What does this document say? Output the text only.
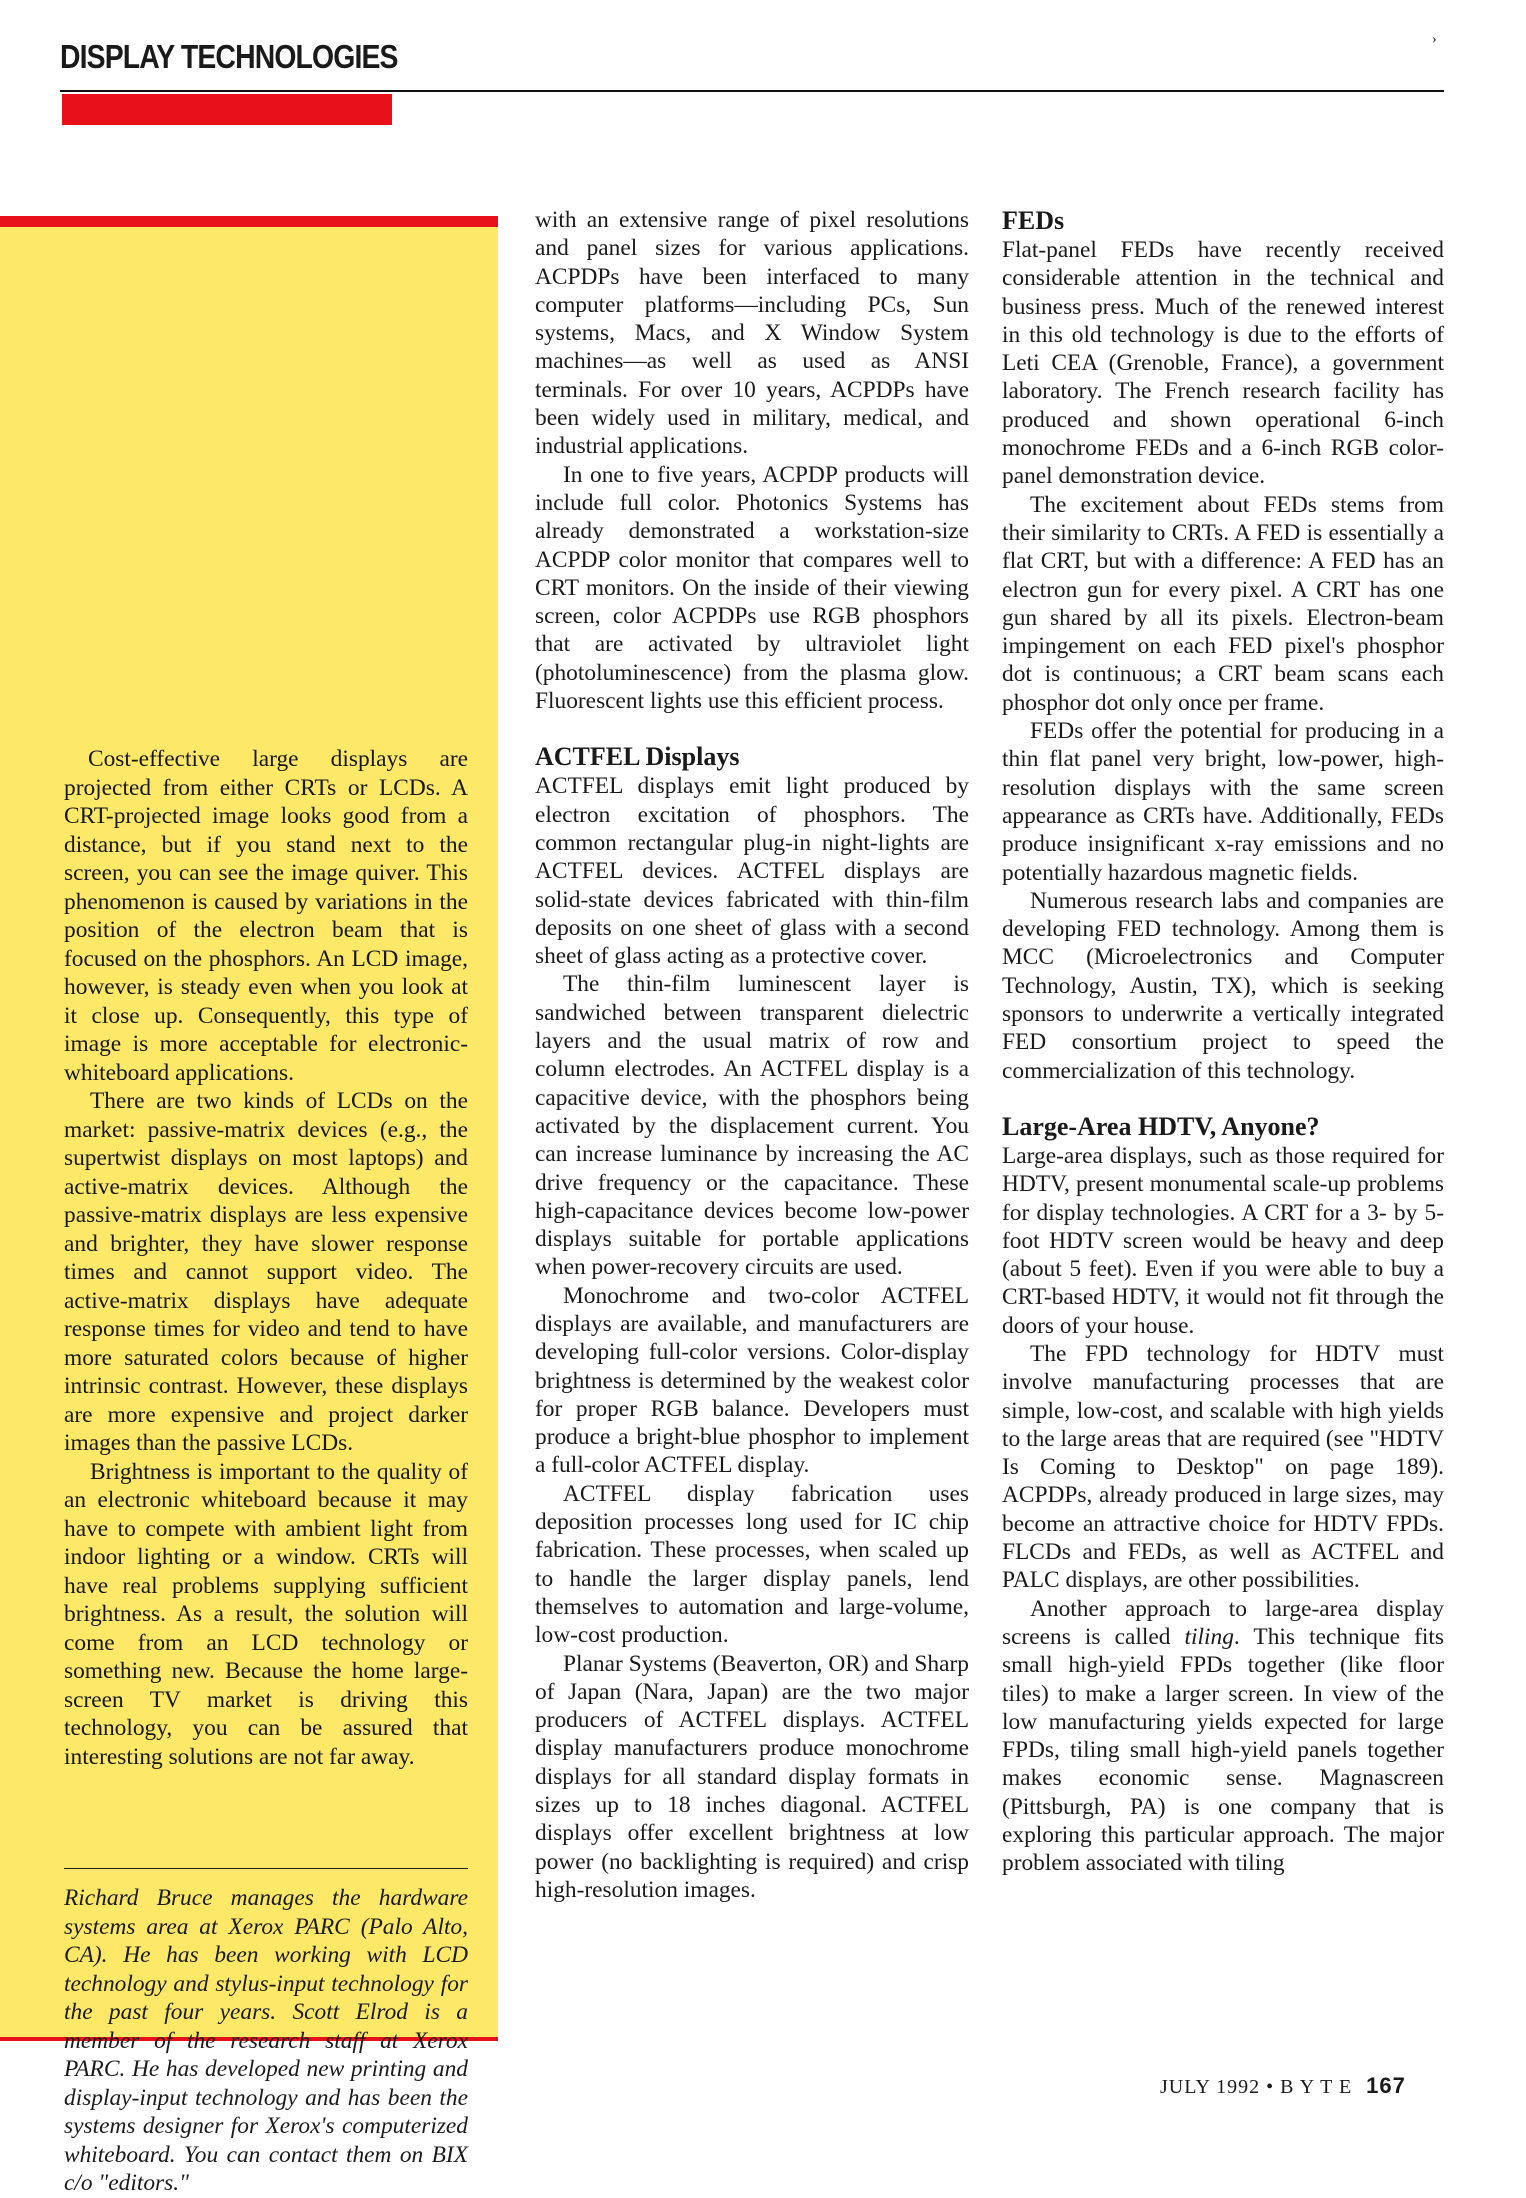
DISPLAY TECHNOLOGIES	›

Cost-effective large displays are projected from either CRTs or LCDs. A CRT-projected image looks good from a distance, but if you stand next to the screen, you can see the image quiver. This phenomenon is caused by variations in the position of the electron beam that is focused on the phosphors. An LCD image, however, is steady even when you look at it close up. Consequently, this type of image is more acceptable for electronic-whiteboard applications.

There are two kinds of LCDs on the market: passive-matrix devices (e.g., the supertwist displays on most laptops) and active-matrix devices. Although the passive-matrix displays are less expensive and brighter, they have slower response times and cannot support video. The active-matrix displays have adequate response times for video and tend to have more saturated colors because of higher intrinsic contrast. However, these displays are more expensive and project darker images than the passive LCDs.

Brightness is important to the quality of an electronic whiteboard because it may have to compete with ambient light from indoor lighting or a window. CRTs will have real problems supplying sufficient brightness. As a result, the solution will come from an LCD technology or something new. Because the home large-screen TV market is driving this technology, you can be assured that interesting solutions are not far away.

Richard Bruce manages the hardware systems area at Xerox PARC (Palo Alto, CA). He has been working with LCD technology and stylus-input technology for the past four years. Scott Elrod is a member of the research staff at Xerox PARC. He has developed new printing and display-input technology and has been the systems designer for Xerox's computerized whiteboard. You can contact them on BIX c/o "editors."

with an extensive range of pixel resolutions and panel sizes for various applications. ACPDPs have been interfaced to many computer platforms—including PCs, Sun systems, Macs, and X Window System machines—as well as used as ANSI terminals. For over 10 years, ACPDPs have been widely used in military, medical, and industrial applications.

In one to five years, ACPDP products will include full color. Photonics Systems has already demonstrated a workstation-size ACPDP color monitor that compares well to CRT monitors. On the inside of their viewing screen, color ACPDPs use RGB phosphors that are activated by ultraviolet light (photoluminescence) from the plasma glow. Fluorescent lights use this efficient process.

ACTFEL Displays

ACTFEL displays emit light produced by electron excitation of phosphors. The common rectangular plug-in night-lights are ACTFEL devices. ACTFEL displays are solid-state devices fabricated with thin-film deposits on one sheet of glass with a second sheet of glass acting as a protective cover.

The thin-film luminescent layer is sandwiched between transparent dielectric layers and the usual matrix of row and column electrodes. An ACTFEL display is a capacitive device, with the phosphors being activated by the displacement current. You can increase luminance by increasing the AC drive frequency or the capacitance. These high-capacitance devices become low-power displays suitable for portable applications when power-recovery circuits are used.

Monochrome and two-color ACTFEL displays are available, and manufacturers are developing full-color versions. Color-display brightness is determined by the weakest color for proper RGB balance. Developers must produce a bright-blue phosphor to implement a full-color ACTFEL display.

ACTFEL display fabrication uses deposition processes long used for IC chip fabrication. These processes, when scaled up to handle the larger display panels, lend themselves to automation and large-volume, low-cost production.

Planar Systems (Beaverton, OR) and Sharp of Japan (Nara, Japan) are the two major producers of ACTFEL displays. ACTFEL display manufacturers produce monochrome displays for all standard display formats in sizes up to 18 inches diagonal. ACTFEL displays offer excellent brightness at low power (no backlighting is required) and crisp high-resolution images.

FEDs

Flat-panel FEDs have recently received considerable attention in the technical and business press. Much of the renewed interest in this old technology is due to the efforts of Leti CEA (Grenoble, France), a government laboratory. The French research facility has produced and shown operational 6-inch monochrome FEDs and a 6-inch RGB color-panel demonstration device.

The excitement about FEDs stems from their similarity to CRTs. A FED is essentially a flat CRT, but with a difference: A FED has an electron gun for every pixel. A CRT has one gun shared by all its pixels. Electron-beam impingement on each FED pixel's phosphor dot is continuous; a CRT beam scans each phosphor dot only once per frame.

FEDs offer the potential for producing in a thin flat panel very bright, low-power, high-resolution displays with the same screen appearance as CRTs have. Additionally, FEDs produce insignificant x-ray emissions and no potentially hazardous magnetic fields.

Numerous research labs and companies are developing FED technology. Among them is MCC (Microelectronics and Computer Technology, Austin, TX), which is seeking sponsors to underwrite a vertically integrated FED consortium project to speed the commercialization of this technology.

Large-Area HDTV, Anyone?

Large-area displays, such as those required for HDTV, present monumental scale-up problems for display technologies. A CRT for a 3- by 5-foot HDTV screen would be heavy and deep (about 5 feet). Even if you were able to buy a CRT-based HDTV, it would not fit through the doors of your house.

The FPD technology for HDTV must involve manufacturing processes that are simple, low-cost, and scalable with high yields to the large areas that are required (see "HDTV Is Coming to Desktop" on page 189). ACPDPs, already produced in large sizes, may become an attractive choice for HDTV FPDs. FLCDs and FEDs, as well as ACTFEL and PALC displays, are other possibilities.

Another approach to large-area display screens is called tiling. This technique fits small high-yield FPDs together (like floor tiles) to make a larger screen. In view of the low manufacturing yields expected for large FPDs, tiling small high-yield panels together makes economic sense. Magnascreen (Pittsburgh, PA) is one company that is exploring this particular approach. The major problem associated with tiling

JULY 1992 • B Y T E 167
